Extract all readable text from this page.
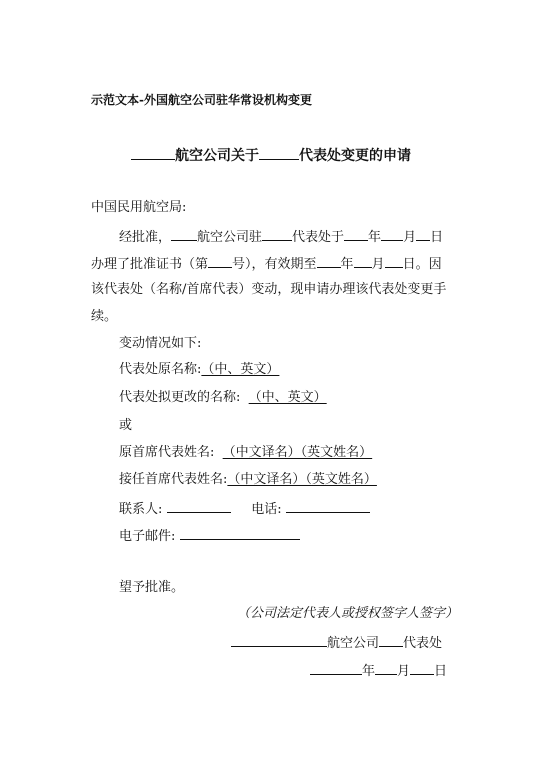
示范文本-外国航空公司驻华常设机构变更
航空公司关于	代表处变更的申请
中国民用航空局:
经批准， 航空公司驻 代表处于 年 月 日
办理了批准证书（第 号），有效期至 年 月 日。因
该代表处（名称/首席代表）变动，现申请办理该代表处变更手
续。
变动情况如下:
代表处原名称:（中、英文）
代表处拟更改的名称: （中、英文）
或
原首席代表姓名: （中文译名）（英文姓名）
接任首席代表姓名:（中文译名）（英文姓名）
联系人:	电话:
电子邮件:
望予批准。
（公司法定代表人或授权签字人签字）
航空公司 代表处
年 月 日
